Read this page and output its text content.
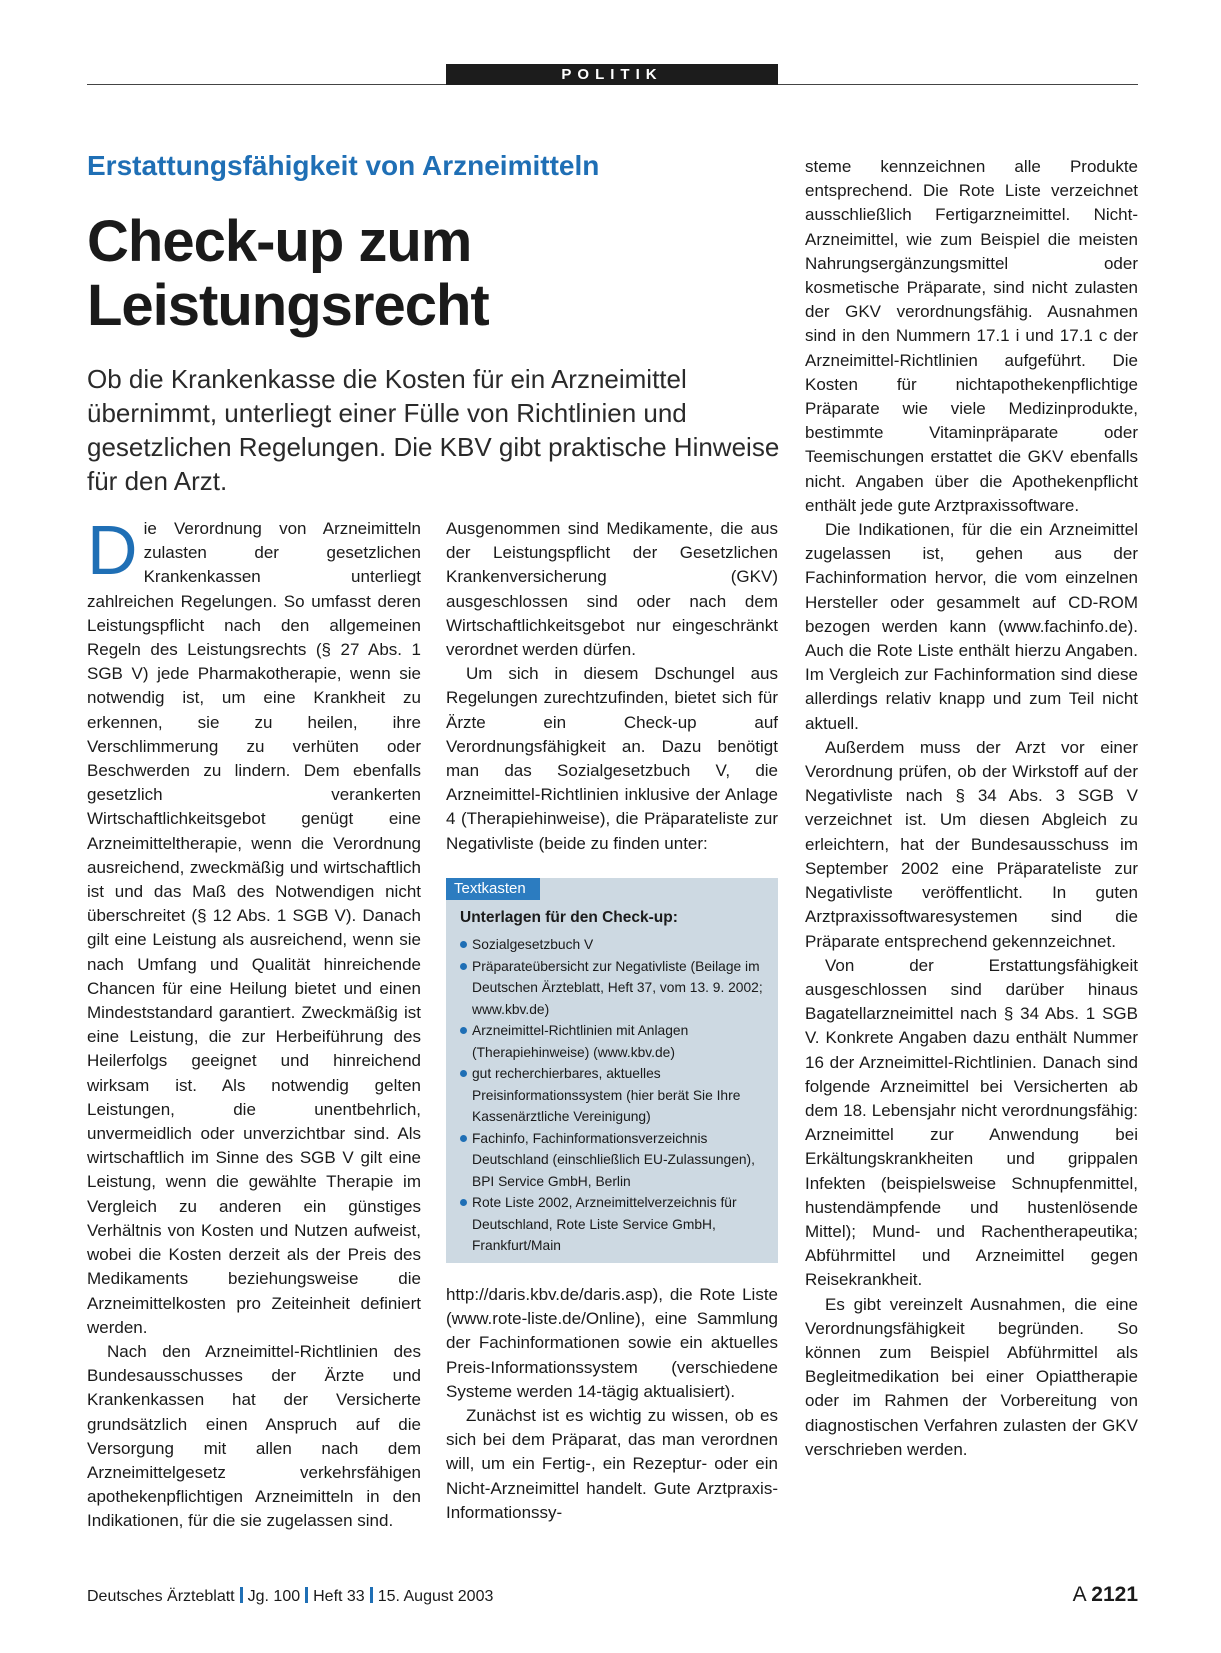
POLITIK
Erstattungsfähigkeit von Arzneimitteln
Check-up zum
Leistungsrecht

Ob die Krankenkasse die Kosten für ein Arzneimittel übernimmt, unterliegt einer Fülle von Richtlinien und gesetzlichen Regelungen. Die KBV gibt praktische Hinweise für den Arzt.

Die Verordnung von Arzneimitteln zulasten der gesetzlichen Krankenkassen unterliegt zahlreichen Regelungen. So umfasst deren Leistungspflicht nach den allgemeinen Regeln des Leistungsrechts (§ 27 Abs. 1 SGB V) jede Pharmakotherapie, wenn sie notwendig ist, um eine Krankheit zu erkennen, sie zu heilen, ihre Verschlimmerung zu verhüten oder Beschwerden zu lindern. Dem ebenfalls gesetzlich verankerten Wirtschaftlichkeitsgebot genügt eine Arzneimitteltherapie, wenn die Verordnung ausreichend, zweckmäßig und wirtschaftlich ist und das Maß des Notwendigen nicht überschreitet (§ 12 Abs. 1 SGB V). Danach gilt eine Leistung als ausreichend, wenn sie nach Umfang und Qualität hinreichende Chancen für eine Heilung bietet und einen Mindeststandard garantiert. Zweckmäßig ist eine Leistung, die zur Herbeiführung des Heilerfolgs geeignet und hinreichend wirksam ist. Als notwendig gelten Leistungen, die unentbehrlich, unvermeidlich oder unverzichtbar sind. Als wirtschaftlich im Sinne des SGB V gilt eine Leistung, wenn die gewählte Therapie im Vergleich zu anderen ein günstiges Verhältnis von Kosten und Nutzen aufweist, wobei die Kosten derzeit als der Preis des Medikaments beziehungsweise die Arzneimittelkosten pro Zeiteinheit definiert werden.

Nach den Arzneimittel-Richtlinien des Bundesausschusses der Ärzte und Krankenkassen hat der Versicherte grundsätzlich einen Anspruch auf die Versorgung mit allen nach dem Arzneimittelgesetz verkehrsfähigen apothekenpflichtigen Arzneimitteln in den Indikationen, für die sie zugelassen sind.

Ausgenommen sind Medikamente, die aus der Leistungspflicht der Gesetzlichen Krankenversicherung (GKV) ausgeschlossen sind oder nach dem Wirtschaftlichkeitsgebot nur eingeschränkt verordnet werden dürfen.

Um sich in diesem Dschungel aus Regelungen zurechtzufinden, bietet sich für Ärzte ein Check-up auf Verordnungsfähigkeit an. Dazu benötigt man das Sozialgesetzbuch V, die Arzneimittel-Richtlinien inklusive der Anlage 4 (Therapiehinweise), die Präparateliste zur Negativliste (beide zu finden unter:

Textkasten
Unterlagen für den Check-up:
Sozialgesetzbuch V
Präparateübersicht zur Negativliste (Beilage im Deutschen Ärzteblatt, Heft 37, vom 13. 9. 2002; www.kbv.de)
Arzneimittel-Richtlinien mit Anlagen (Therapiehinweise) (www.kbv.de)
gut recherchierbares, aktuelles Preisinformationssystem (hier berät Sie Ihre Kassenärztliche Vereinigung)
Fachinfo, Fachinformationsverzeichnis Deutschland (einschließlich EU-Zulassungen), BPI Service GmbH, Berlin
Rote Liste 2002, Arzneimittelverzeichnis für Deutschland, Rote Liste Service GmbH, Frankfurt/Main

http://daris.kbv.de/daris.asp), die Rote Liste (www.rote-liste.de/Online), eine Sammlung der Fachinformationen sowie ein aktuelles Preis-Informationssystem (verschiedene Systeme werden 14-tägig aktualisiert).

Zunächst ist es wichtig zu wissen, ob es sich bei dem Präparat, das man verordnen will, um ein Fertig-, ein Rezeptur- oder ein Nicht-Arzneimittel handelt. Gute Arztpraxis-Informationssy-

steme kennzeichnen alle Produkte entsprechend. Die Rote Liste verzeichnet ausschließlich Fertigarzneimittel. Nicht-Arzneimittel, wie zum Beispiel die meisten Nahrungsergänzungsmittel oder kosmetische Präparate, sind nicht zulasten der GKV verordnungsfähig. Ausnahmen sind in den Nummern 17.1 i und 17.1 c der Arzneimittel-Richtlinien aufgeführt. Die Kosten für nichtapothekenpflichtige Präparate wie viele Medizinprodukte, bestimmte Vitaminpräparate oder Teemischungen erstattet die GKV ebenfalls nicht. Angaben über die Apothekenpflicht enthält jede gute Arztpraxissoftware.

Die Indikationen, für die ein Arzneimittel zugelassen ist, gehen aus der Fachinformation hervor, die vom einzelnen Hersteller oder gesammelt auf CD-ROM bezogen werden kann (www.fachinfo.de). Auch die Rote Liste enthält hierzu Angaben. Im Vergleich zur Fachinformation sind diese allerdings relativ knapp und zum Teil nicht aktuell.

Außerdem muss der Arzt vor einer Verordnung prüfen, ob der Wirkstoff auf der Negativliste nach § 34 Abs. 3 SGB V verzeichnet ist. Um diesen Abgleich zu erleichtern, hat der Bundesausschuss im September 2002 eine Präparateliste zur Negativliste veröffentlicht. In guten Arztpraxissoftwaresystemen sind die Präparate entsprechend gekennzeichnet.

Von der Erstattungsfähigkeit ausgeschlossen sind darüber hinaus Bagatellarzneimittel nach § 34 Abs. 1 SGB V. Konkrete Angaben dazu enthält Nummer 16 der Arzneimittel-Richtlinien. Danach sind folgende Arzneimittel bei Versicherten ab dem 18. Lebensjahr nicht verordnungsfähig: Arzneimittel zur Anwendung bei Erkältungskrankheiten und grippalen Infekten (beispielsweise Schnupfenmittel, hustendämpfende und hustenlösende Mittel); Mund- und Rachentherapeutika; Abführmittel und Arzneimittel gegen Reisekrankheit.

Es gibt vereinzelt Ausnahmen, die eine Verordnungsfähigkeit begründen. So können zum Beispiel Abführmittel als Begleitmedikation bei einer Opiattherapie oder im Rahmen der Vorbereitung von diagnostischen Verfahren zulasten der GKV verschrieben werden.

Deutsches Ärzteblatt Jg. 100 Heft 33 15. August 2003	A 2121
